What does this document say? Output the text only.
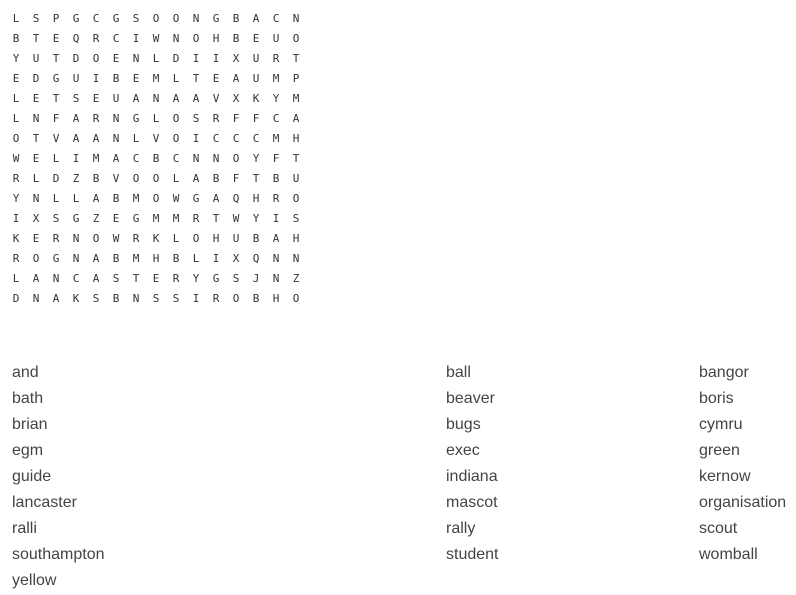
L	S	P	G	C	G	S	O	O	N	G	B	A	C	N
B	T	E	Q	R	C	I	W	N	O	H	B	E	U	O
Y	U	T	D	O	E	N	L	D	I	I	X	U	R	T
E	D	G	U	I	B	E	M	L	T	E	A	U	M	P
L	E	T	S	E	U	A	N	A	A	V	X	K	Y	M
L	N	F	A	R	N	G	L	O	S	R	F	F	C	A
O	T	V	A	A	N	L	V	O	I	C	C	C	M	H
W	E	L	I	M	A	C	B	C	N	N	O	Y	F	T
R	L	D	Z	B	V	O	O	L	A	B	F	T	B	U
Y	N	L	L	A	B	M	O	W	G	A	Q	H	R	O
I	X	S	G	Z	E	G	M	M	R	T	W	Y	I	S
K	E	R	N	O	W	R	K	L	O	H	U	B	A	H
R	O	G	N	A	B	M	H	B	L	I	X	Q	N	N
L	A	N	C	A	S	T	E	R	Y	G	S	J	N	Z
D	N	A	K	S	B	N	S	S	I	R	O	B	H	O
and
bath
brian
egm
guide
lancaster
ralli
southampton
yellow
ball
beaver
bugs
exec
indiana
mascot
rally
student
bangor
boris
cymru
green
kernow
organisation
scout
womball
